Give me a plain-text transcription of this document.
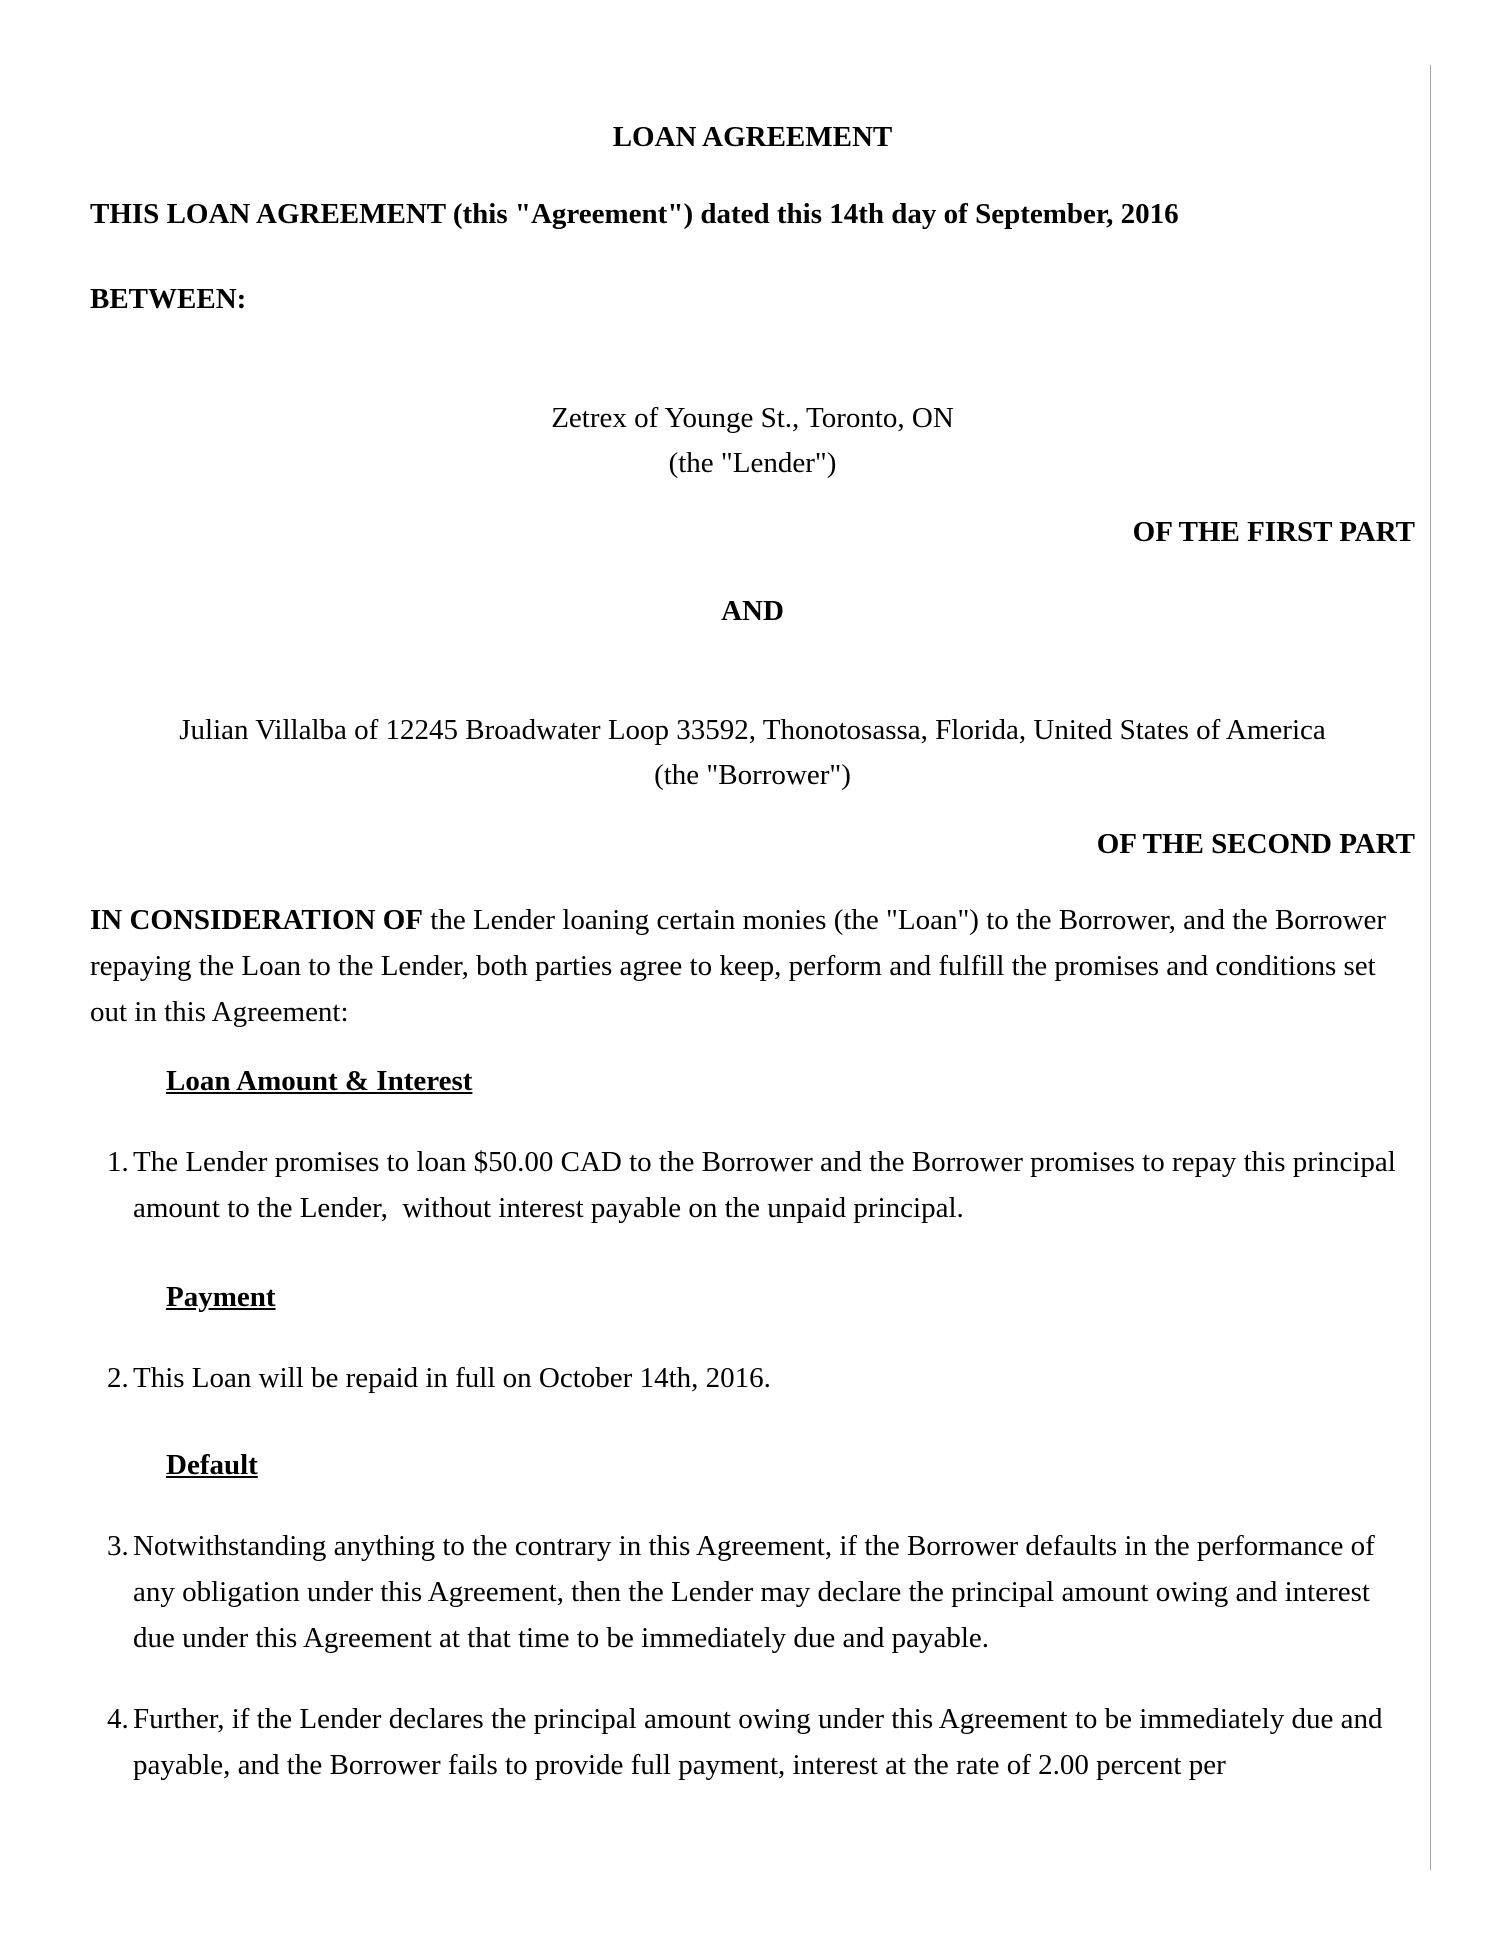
LOAN AGREEMENT
THIS LOAN AGREEMENT (this "Agreement") dated this 14th day of September, 2016
BETWEEN:
Zetrex of Younge St., Toronto, ON
(the "Lender")
OF THE FIRST PART
AND
Julian Villalba of 12245 Broadwater Loop 33592, Thonotosassa, Florida, United States of America
(the "Borrower")
OF THE SECOND PART
IN CONSIDERATION OF the Lender loaning certain monies (the "Loan") to the Borrower, and the Borrower repaying the Loan to the Lender, both parties agree to keep, perform and fulfill the promises and conditions set out in this Agreement:
Loan Amount & Interest
1. The Lender promises to loan $50.00 CAD to the Borrower and the Borrower promises to repay this principal amount to the Lender,  without interest payable on the unpaid principal.
Payment
2. This Loan will be repaid in full on October 14th, 2016.
Default
3. Notwithstanding anything to the contrary in this Agreement, if the Borrower defaults in the performance of any obligation under this Agreement, then the Lender may declare the principal amount owing and interest due under this Agreement at that time to be immediately due and payable.
4. Further, if the Lender declares the principal amount owing under this Agreement to be immediately due and payable, and the Borrower fails to provide full payment, interest at the rate of 2.00 percent per
